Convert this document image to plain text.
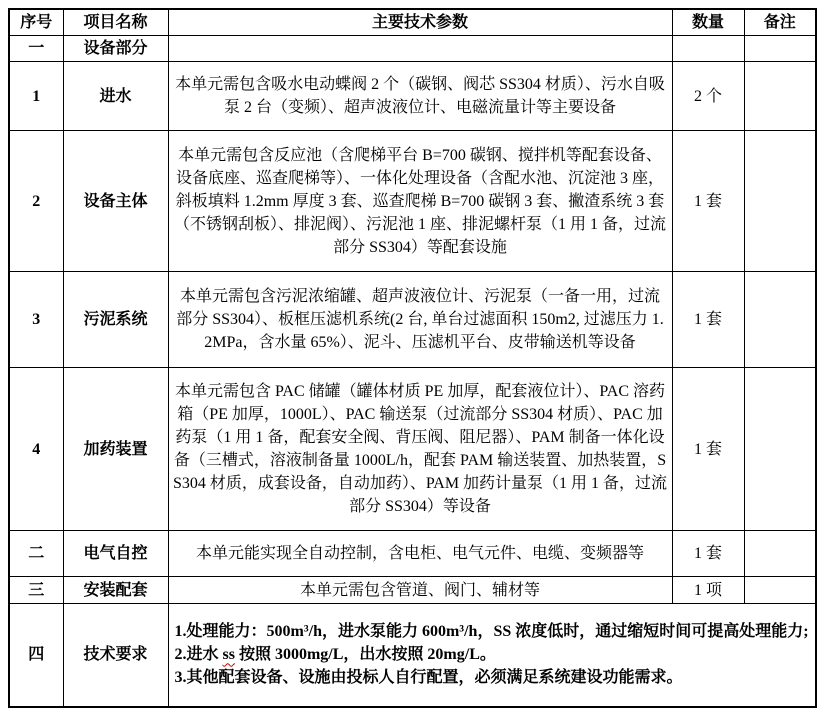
序号	项目名称	主要技术参数	数量	备注
一	设备部分			
1	进水	本单元需包含吸水电动蝶阀 2 个（碳钢、阀芯 SS304 材质）、污水自吸泵 2 台（变频）、超声波液位计、电磁流量计等主要设备	2 个	
2	设备主体	本单元需包含反应池（含爬梯平台 B=700 碳钢、搅拌机等配套设备、设备底座、巡查爬梯等）、一体化处理设备（含配水池、沉淀池 3 座，斜板填料 1.2mm 厚度 3 套、巡查爬梯 B=700 碳钢 3 套、撇渣系统 3 套（不锈钢刮板）、排泥阀）、污泥池 1 座、排泥螺杆泵（1 用 1 备，过流部分 SS304）等配套设施	1 套	
3	污泥系统	本单元需包含污泥浓缩罐、超声波液位计、污泥泵（一备一用，过流部分 SS304）、板框压滤机系统(2 台, 单台过滤面积 150m2, 过滤压力 1.2MPa，含水量 65%）、泥斗、压滤机平台、皮带输送机等设备	1 套	
4	加药装置	本单元需包含 PAC 储罐（罐体材质 PE 加厚，配套液位计）、PAC 溶药箱（PE 加厚，1000L）、PAC 输送泵（过流部分 SS304 材质）、PAC 加药泵（1 用 1 备，配套安全阀、背压阀、阻尼器）、PAM 制备一体化设备（三槽式，溶液制备量 1000L/h，配套 PAM 输送装置、加热装置，SS304 材质，成套设备，自动加药）、PAM 加药计量泵（1 用 1 备，过流部分 SS304）等设备	1 套	
二	电气自控	本单元能实现全自动控制，含电柜、电气元件、电缆、变频器等	1 套	
三	安装配套	本单元需包含管道、阀门、辅材等	1 项	
四	技术要求	1.处理能力：500m³/h，进水泵能力 600m³/h，SS 浓度低时，通过缩短时间可提高处理能力;
2.进水 ss 按照 3000mg/L，出水按照 20mg/L。
3.其他配套设备、设施由投标人自行配置，必须满足系统建设功能需求。		
